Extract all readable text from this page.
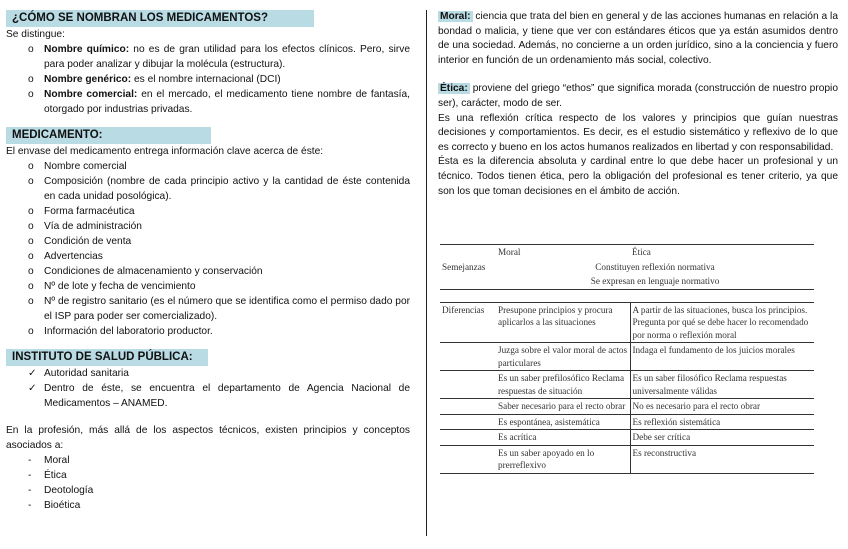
¿CÓMO SE NOMBRAN LOS MEDICAMENTOS?

Se distingue:

o Nombre químico: no es de gran utilidad para los efectos clínicos. Pero, sirve para poder analizar y dibujar la molécula (estructura).
o Nombre genérico: es el nombre internacional (DCI)
o Nombre comercial: en el mercado, el medicamento tiene nombre de fantasía, otorgado por industrias privadas.
MEDICAMENTO:

El envase del medicamento entrega información clave acerca de éste:

o Nombre comercial
o Composición (nombre de cada principio activo y la cantidad de éste contenida en cada unidad posológica).
o Forma farmacéutica
o Vía de administración
o Condición de venta
o Advertencias
o Condiciones de almacenamiento y conservación
o Nº de lote y fecha de vencimiento
o Nº de registro sanitario (es el número que se identifica como el permiso dado por el ISP para poder ser comercializado).
o Información del laboratorio productor.
INSTITUTO DE SALUD PÚBLICA:
✓ Autoridad sanitaria
✓ Dentro de éste, se encuentra el departamento de Agencia Nacional de Medicamentos – ANAMED.

En la profesión, más allá de los aspectos técnicos, existen principios y conceptos asociados a:

- Moral
- Ética
- Deotología
- Bioética

Moral: ciencia que trata del bien en general y de las acciones humanas en relación a la bondad o malicia, y tiene que ver con estándares éticos que ya están asumidos dentro de una sociedad. Además, no concierne a un orden jurídico, sino a la conciencia y fuero interior en función de un ordenamiento más social, colectivo.

Ética: proviene del griego “ethos” que significa morada (construcción de nuestro propio ser), carácter, modo de ser.

Es una reflexión crítica respecto de los valores y principios que guían nuestras decisiones y comportamientos. Es decir, es el estudio sistemático y reflexivo de lo que es correcto y bueno en los actos humanos realizados en libertad y con responsabilidad.

Ésta es la diferencia absoluta y cardinal entre lo que debe hacer un profesional y un técnico. Todos tienen ética, pero la obligación del profesional es tener criterio, ya que son los que toman decisiones en el ámbito de acción.

	Moral	Ética
Semejanzas	Constituyen reflexión normativa	
	Se expresan en lenguaje normativo	

Diferencias	Presupone principios y procura aplicarlos a las situaciones	A partir de las situaciones, busca los principios. Pregunta por qué se debe hacer lo recomendado por norma o reflexión moral
	Juzga sobre el valor moral de actos particulares	Indaga el fundamento de los juicios morales
	Es un saber prefilosófico Reclama respuestas de situación	Es un saber filosófico Reclama respuestas universalmente válidas
	Saber necesario para el recto obrar	No es necesario para el recto obrar
	Es espontánea, asistemática	Es reflexión sistemática
	Es acrítica	Debe ser crítica
	Es un saber apoyado en lo prerreflexivo	Es reconstructiva
